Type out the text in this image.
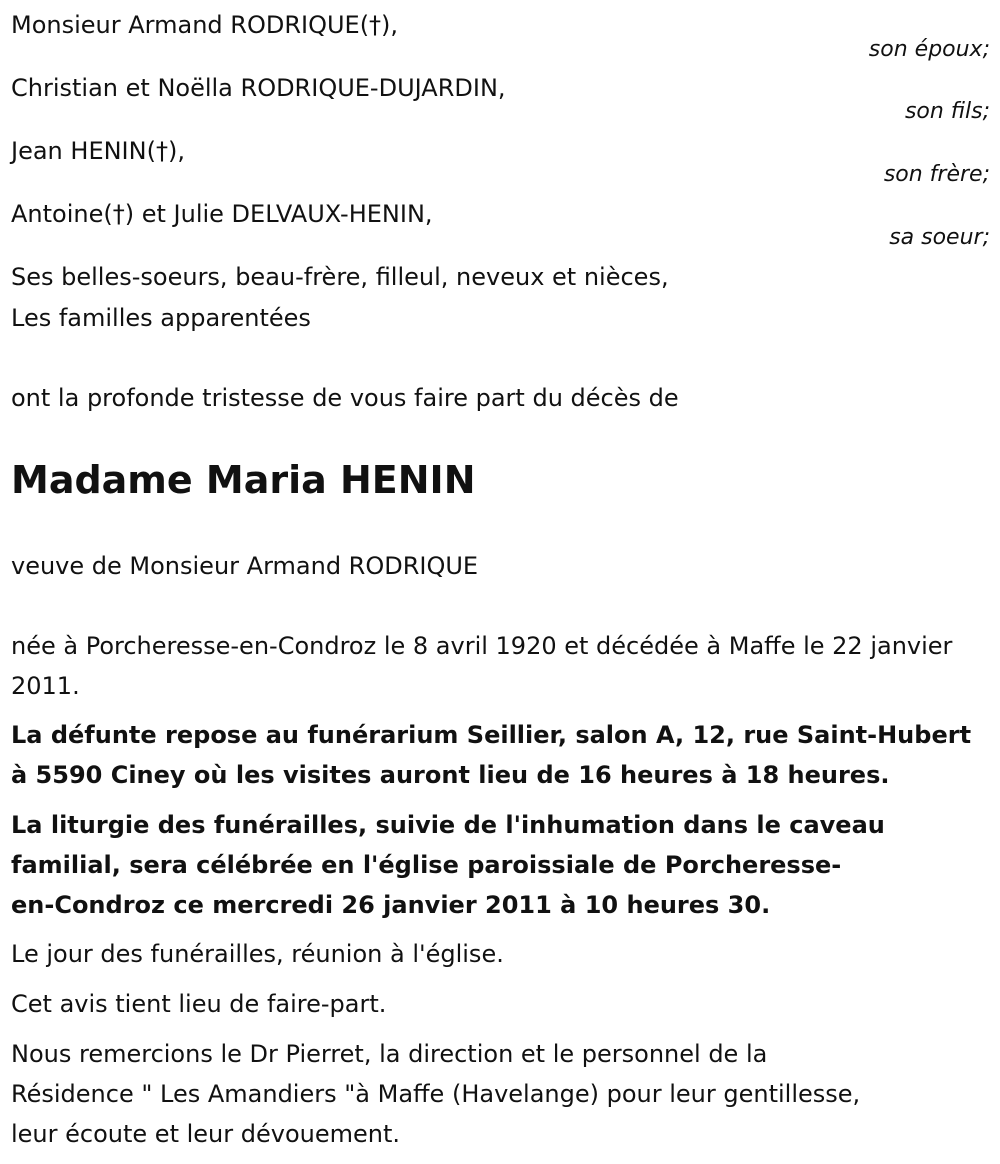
Monsieur Armand RODRIQUE(†),
son époux;
Christian et Noëlla RODRIQUE-DUJARDIN,
son fils;
Jean HENIN(†),
son frère;
Antoine(†) et Julie DELVAUX-HENIN,
sa soeur;
Ses belles-soeurs, beau-frère, filleul, neveux et nièces,
Les familles apparentées
ont la profonde tristesse de vous faire part du décès de
Madame Maria HENIN
veuve de Monsieur Armand RODRIQUE
née à Porcheresse-en-Condroz le 8 avril 1920 et décédée à Maffe le 22 janvier 2011.
La défunte repose au funérarium Seillier, salon A, 12, rue Saint-Hubert à 5590 Ciney où les visites auront lieu de 16 heures à 18 heures.
La liturgie des funérailles, suivie de l'inhumation dans le caveau
familial, sera célébrée en l'église paroissiale de Porcheresse-
en-Condroz ce mercredi 26 janvier 2011 à 10 heures 30.
Le jour des funérailles, réunion à l'église.
Cet avis tient lieu de faire-part.
Nous remercions le Dr Pierret, la direction et le personnel de la
Résidence " Les Amandiers "à Maffe (Havelange) pour leur gentillesse,
leur écoute et leur dévouement.
